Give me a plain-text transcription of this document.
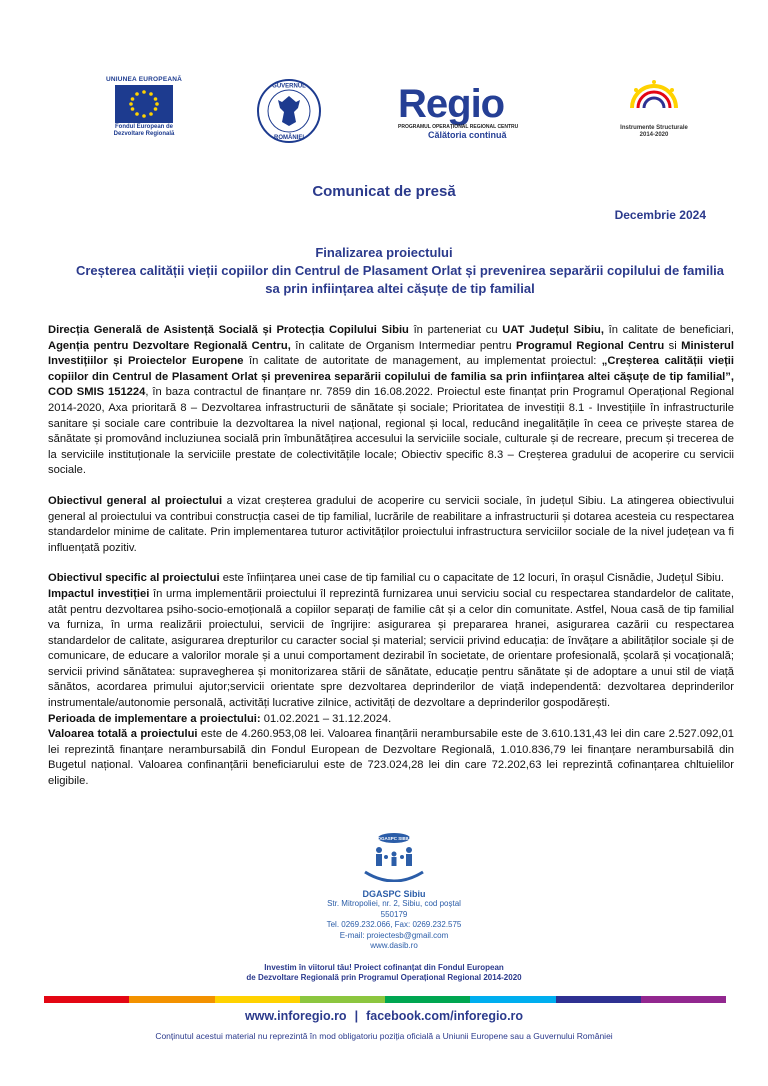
UNIUNEA EUROPEANĂ
Fondul European de Dezvoltare Regională
GUVERNUL
ROMÂNIEI
Regio
PROGRAMUL OPERAȚIONAL REGIONAL CENTRU
Călătoria continuă
Instrumente Structurale 2014-2020
Comunicat de presă
Decembrie 2024
Finalizarea proiectului
Creșterea calității vieții copiilor din Centrul de Plasament Orlat și prevenirea separării copilului de familia sa prin inființarea altei cășuțe de tip familial

Direcția Generală de Asistență Socială și Protecția Copilului Sibiu în parteneriat cu UAT Județul Sibiu, în calitate de beneficiari, Agenția pentru Dezvoltare Regională Centru, în calitate de Organism Intermediar pentru Programul Regional Centru si Ministerul Investițiilor și Proiectelor Europene în calitate de autoritate de management, au implementat proiectul: „Creșterea calității vieții copiilor din Centrul de Plasament Orlat și prevenirea separării copilului de familia sa prin inființarea altei cășuțe de tip familial”, COD SMIS 151224, în baza contractul de finanțare nr. 7859 din 16.08.2022. Proiectul este finanțat prin Programul Operațional Regional 2014-2020, Axa prioritară 8 – Dezvoltarea infrastructurii de sănătate și sociale; Prioritatea de investiții 8.1 - Investițiile în infrastructurile sanitare și sociale care contribuie la dezvoltarea la nivel național, regional și local, reducând inegalitățile în ceea ce privește starea de sănătate și promovând incluziunea socială prin îmbunătățirea accesului la serviciile sociale, culturale și de recreare, precum și trecerea de la serviciile instituționale la serviciile prestate de colectivitățile locale; Obiectiv specific 8.3 – Creșterea gradului de acoperire cu servicii sociale.

Obiectivul general al proiectului a vizat creșterea gradului de acoperire cu servicii sociale, în județul Sibiu. La atingerea obiectivului general al proiectului va contribui construcția casei de tip familial, lucrările de reabilitare a infrastructurii și dotarea acesteia cu respectarea standardelor minime de calitate. Prin implementarea tuturor activităților proiectului infrastructura serviciilor sociale de la nivel județean va fi influențată pozitiv.

Obiectivul specific al proiectului este înființarea unei case de tip familial cu o capacitate de 12 locuri, în orașul Cisnădie, Județul Sibiu.

Impactul investiției în urma implementării proiectului îl reprezintă furnizarea unui serviciu social cu respectarea standardelor de calitate, atât pentru dezvoltarea psiho-socio-emoțională a copiilor separați de familie cât și a celor din comunitate. Astfel, Noua casă de tip familial va furniza, în urma realizării proiectului, servicii de îngrijire: asigurarea și prepararea hranei, asigurarea cazării cu respectarea standardelor de calitate, asigurarea drepturilor cu caracter social și material; servicii privind educația: de învățare a abilităților sociale și de comunicare, de educare a valorilor morale și a unui comportament dezirabil în societate, de orientare profesională, școlară și vocațională; servicii privind sănătatea: supravegherea și monitorizarea stării de sănătate, educație pentru sănătate și de adoptare a unui stil de viață sănătos, acordarea primului ajutor;servicii orientate spre dezvoltarea deprinderilor de viață independentă: dezvoltarea deprinderilor instrumentale/autonomie personală, activități lucrative zilnice, activități de dezvoltare a deprinderilor gospodărești.

Perioada de implementare a proiectului: 01.02.2021 – 31.12.2024.

Valoarea totală a proiectului este de 4.260.953,08 lei. Valoarea finanțării nerambursabile este de 3.610.131,43 lei din care 2.527.092,01 lei reprezintă finanțare nerambursabilă din Fondul European de Dezvoltare Regională, 1.010.836,79 lei finanțare nerambursabilă din Bugetul național. Valoarea confinanțării beneficiarului este de 723.024,28 lei din care 72.202,63 lei reprezintă cofinanțarea chltuielilor eligibile.

DGASPC SIBIU
DGASPC Sibiu
Str. Mitropoliei, nr. 2, Sibiu, cod poștal 550179
Tel. 0269.232.066, Fax: 0269.232.575
E-mail: proiectesb@gmail.com
www.dasib.ro
Investim în viitorul tău! Proiect cofinanțat din Fondul European
de Dezvoltare Regională prin Programul Operațional Regional 2014-2020
www.inforegio.ro | facebook.com/inforegio.ro
Conținutul acestui material nu reprezintă în mod obligatoriu poziția oficială a Uniunii Europene sau a Guvernului României
